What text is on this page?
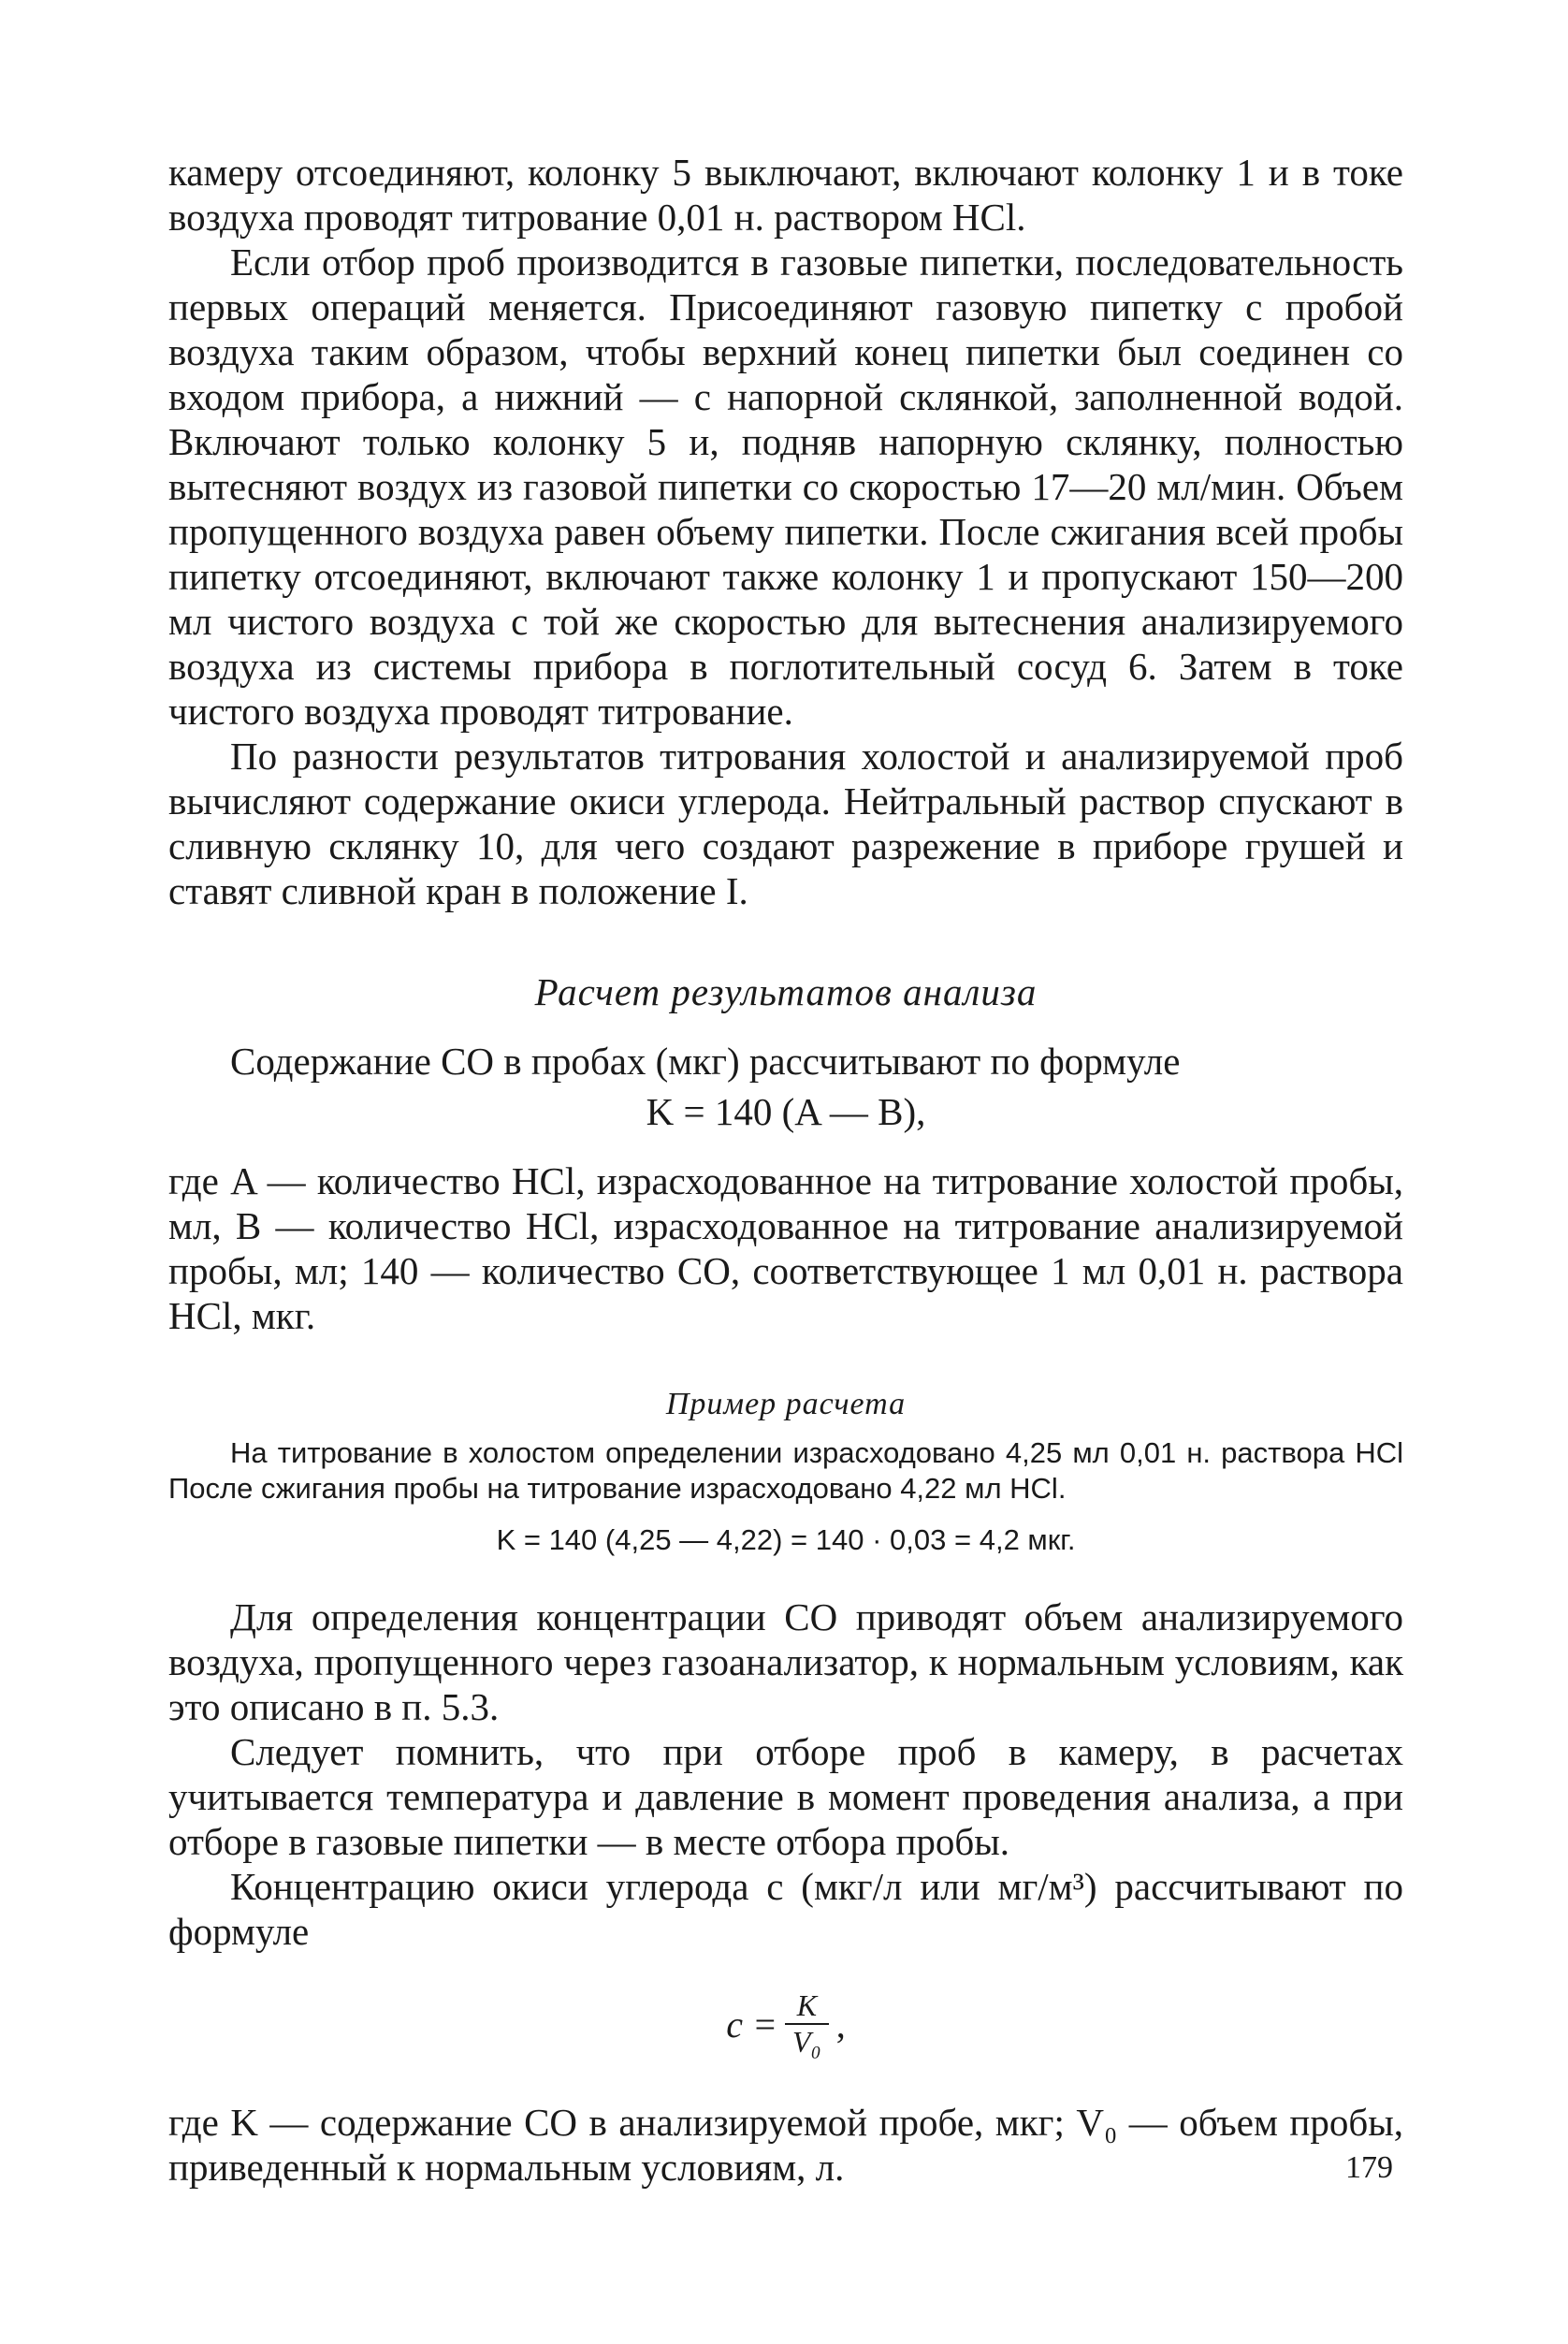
камеру отсоединяют, колонку 5 выключают, включают колонку 1 и в токе воздуха проводят титрование 0,01 н. раствором HCl.

Если отбор проб производится в газовые пипетки, последовательность первых операций меняется. Присоединяют газовую пипетку с пробой воздуха таким образом, чтобы верхний конец пипетки был соединен со входом прибора, а нижний — с напорной склянкой, заполненной водой. Включают только колонку 5 и, подняв напорную склянку, полностью вытесняют воздух из газовой пипетки со скоростью 17—20 мл/мин. Объем пропущенного воздуха равен объему пипетки. После сжигания всей пробы пипетку отсоединяют, включают также колонку 1 и пропускают 150—200 мл чистого воздуха с той же скоростью для вытеснения анализируемого воздуха из системы прибора в поглотительный сосуд 6. Затем в токе чистого воздуха проводят титрование.

По разности результатов титрования холостой и анализируемой проб вычисляют содержание окиси углерода. Нейтральный раствор спускают в сливную склянку 10, для чего создают разрежение в приборе грушей и ставят сливной кран в положение I.

Расчет результатов анализа

Содержание CO в пробах (мкг) рассчитывают по формуле

K = 140 (A — B),

где A — количество HCl, израсходованное на титрование холостой пробы, мл, B — количество HCl, израсходованное на титрование анализируемой пробы, мл; 140 — количество CO, соответствующее 1 мл 0,01 н. раствора HCl, мкг.

Пример расчета

На титрование в холостом определении израсходовано 4,25 мл 0,01 н. раствора HCl После сжигания пробы на титрование израсходовано 4,22 мл HCl.

K = 140 (4,25 — 4,22) = 140 · 0,03 = 4,2 мкг.

Для определения концентрации CO приводят объем анализируемого воздуха, пропущенного через газоанализатор, к нормальным условиям, как это описано в п. 5.3.

Следует помнить, что при отборе проб в камеру, в расчетах учитывается температура и давление в момент проведения анализа, а при отборе в газовые пипетки — в месте отбора пробы.

Концентрацию окиси углерода c (мкг/л или мг/м³) рассчитывают по формуле

$c = \frac{K}{\text{V₀}}$ ,

где K — содержание CO в анализируемой пробе, мкг; V₀ — объем пробы, приведенный к нормальным условиям, л.	179
